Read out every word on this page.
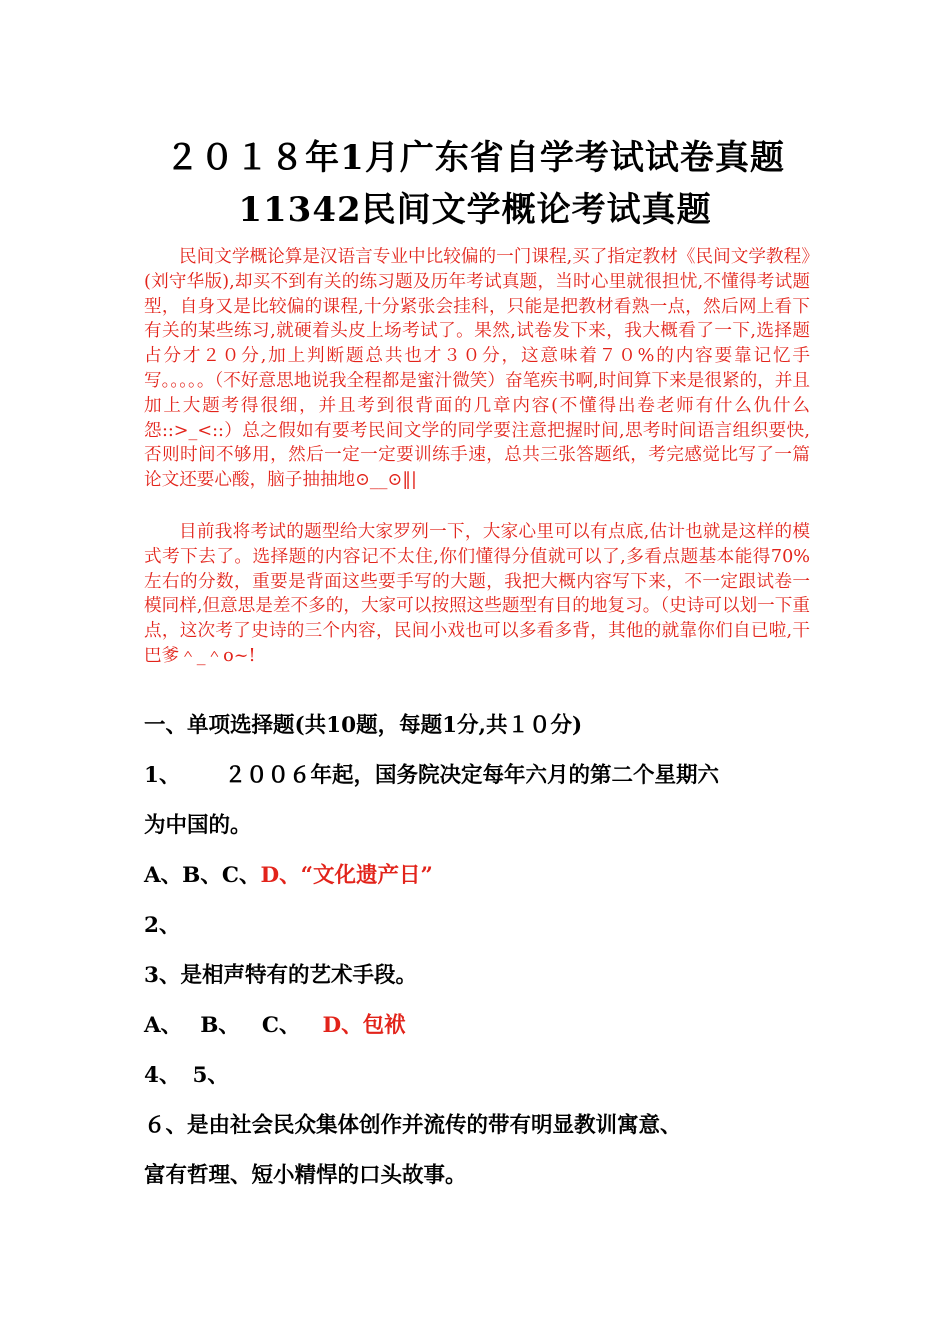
２０１８年1月广东省自学考试试卷真题
11342民间文学概论考试真题

民间文学概论算是汉语言专业中比较偏的一门课程,买了指定教材《民间文学教程》(刘守华版),却买不到有关的练习题及历年考试真题，当时心里就很担忧,不懂得考试题型，自身又是比较偏的课程,十分紧张会挂科，只能是把教材看熟一点，然后网上看下有关的某些练习,就硬着头皮上场考试了。果然,试卷发下来，我大概看了一下,选择题占分才２０分,加上判断题总共也才３０分，这意味着７０%的内容要靠记忆手写。。。。。（不好意思地说我全程都是蜜汁微笑）奋笔疾书啊,时间算下来是很紧的，并且加上大题考得很细，并且考到很背面的几章内容(不懂得出卷老师有什么仇什么怨::>_<::）总之假如有要考民间文学的同学要注意把握时间,思考时间语言组织要快,否则时间不够用，然后一定一定要训练手速，总共三张答题纸，考完感觉比写了一篇论文还要心酸，脑子抽抽地⊙__⊙‖|

目前我将考试的题型给大家罗列一下，大家心里可以有点底,估计也就是这样的模式考下去了。选择题的内容记不太住,你们懂得分值就可以了,多看点题基本能得70%左右的分数，重要是背面这些要手写的大题，我把大概内容写下来，不一定跟试卷一模同样,但意思是差不多的，大家可以按照这些题型有目的地复习。（史诗可以划一下重点，这次考了史诗的三个内容，民间小戏也可以多看多背，其他的就靠你们自已啦,干巴爹＾_＾o~!

一、单项选择题(共10题，每题1分,共１０分)
1、 ２００６年起，国务院决定每年六月的第二个星期六
为中国的。
A、B、C、D、“文化遗产日”
2、
3、是相声特有的艺术手段。
A、 B、 C、 D、包袱
4、 5、
６、是由社会民众集体创作并流传的带有明显教训寓意、
富有哲理、短小精悍的口头故事。
